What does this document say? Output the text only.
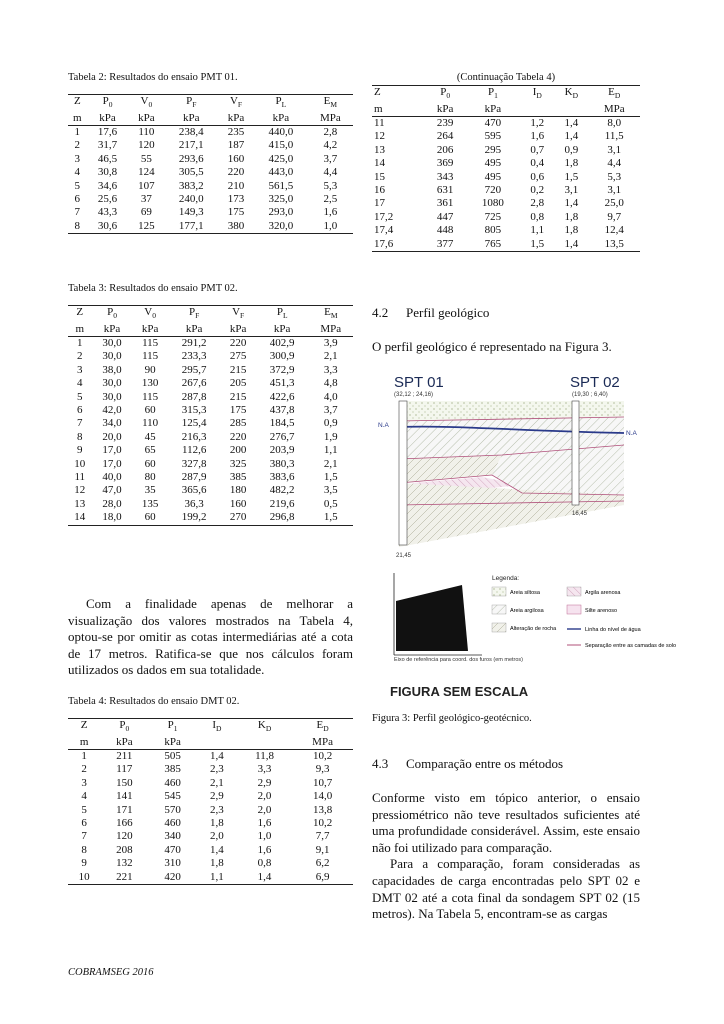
Tabela 2: Resultados do ensaio PMT 01.

Z	$P_0$	$V_0$	$P_F$	$V_F$	$P_L$	$E_M$
m	kPa	kPa	kPa	kPa	kPa	MPa
1	17,6	110	238,4	235	440,0	2,8
2	31,7	120	217,1	187	415,0	4,2
3	46,5	55	293,6	160	425,0	3,7
4	30,8	124	305,5	220	443,0	4,4
5	34,6	107	383,2	210	561,5	5,3
6	25,6	37	240,0	173	325,0	2,5
7	43,3	69	149,3	175	293,0	1,6
8	30,6	125	177,1	380	320,0	1,0

Tabela 3: Resultados do ensaio PMT 02.

Z	$P_0$	$V_0$	$P_F$	$V_F$	$P_L$	$E_M$
m	kPa	kPa	kPa	kPa	kPa	MPa
1	30,0	115	291,2	220	402,9	3,9
2	30,0	115	233,3	275	300,9	2,1
3	38,0	90	295,7	215	372,9	3,3
4	30,0	130	267,6	205	451,3	4,8
5	30,0	115	287,8	215	422,6	4,0
6	42,0	60	315,3	175	437,8	3,7
7	34,0	110	125,4	285	184,5	0,9
8	20,0	45	216,3	220	276,7	1,9
9	17,0	65	112,6	200	203,9	1,1
10	17,0	60	327,8	325	380,3	2,1
11	40,0	80	287,9	385	383,6	1,5
12	47,0	35	365,6	180	482,2	3,5
13	28,0	135	36,3	160	219,6	0,5
14	18,0	60	199,2	270	296,8	1,5

Com a finalidade apenas de melhorar a visualização dos valores mostrados na Tabela 4, optou-se por omitir as cotas intermediárias até a cota de 17 metros. Ratifica-se que nos cálculos foram utilizados os dados em sua totalidade.

Tabela 4: Resultados do ensaio DMT 02.

Z	$P_0$	$P_1$	$I_D$	$K_D$	$E_D$
m	kPa	kPa			MPa
1	211	505	1,4	11,8	10,2
2	117	385	2,3	3,3	9,3
3	150	460	2,1	2,9	10,7
4	141	545	2,9	2,0	14,0
5	171	570	2,3	2,0	13,8
6	166	460	1,8	1,6	10,2
7	120	340	2,0	1,0	7,7
8	208	470	1,4	1,6	9,1
9	132	310	1,8	0,8	6,2
10	221	420	1,1	1,4	6,9

(Continuação Tabela 4)

Z	$P_0$	$P_1$	$I_D$	$K_D$	$E_D$
m	kPa	kPa			MPa
11	239	470	1,2	1,4	8,0
12	264	595	1,6	1,4	11,5
13	206	295	0,7	0,9	3,1
14	369	495	0,4	1,8	4,4
15	343	495	0,6	1,5	5,3
16	631	720	0,2	3,1	3,1
17	361	1080	2,8	1,4	25,0
17,2	447	725	0,8	1,8	9,7
17,4	448	805	1,1	1,8	12,4
17,6	377	765	1,5	1,4	13,5

4.2 Perfil geológico

O perfil geológico é representado na Figura 3.

SPT 01
(32,12 ; 24,16)
SPT 02
(19,30 ; 6,40)
N.A
N.A
21,45
16,45
Eixo de referência para coord. dos furos (em metros)
Legenda:
Areia siltosa	Argila arenosa
Areia argilosa	Silte arenoso
Alteração de rocha	Linha do nível de água
Separação entre as camadas de solo
FIGURA SEM ESCALA

Figura 3: Perfil geológico-geotécnico.

4.3 Comparação entre os métodos

Conforme visto em tópico anterior, o ensaio pressiométrico não teve resultados suficientes até uma profundidade considerável. Assim, este ensaio não foi utilizado para comparação.

Para a comparação, foram consideradas as capacidades de carga encontradas pelo SPT 02 e DMT 02 até a cota final da sondagem SPT 02 (15 metros). Na Tabela 5, encontram-se as cargas

COBRAMSEG 2016
